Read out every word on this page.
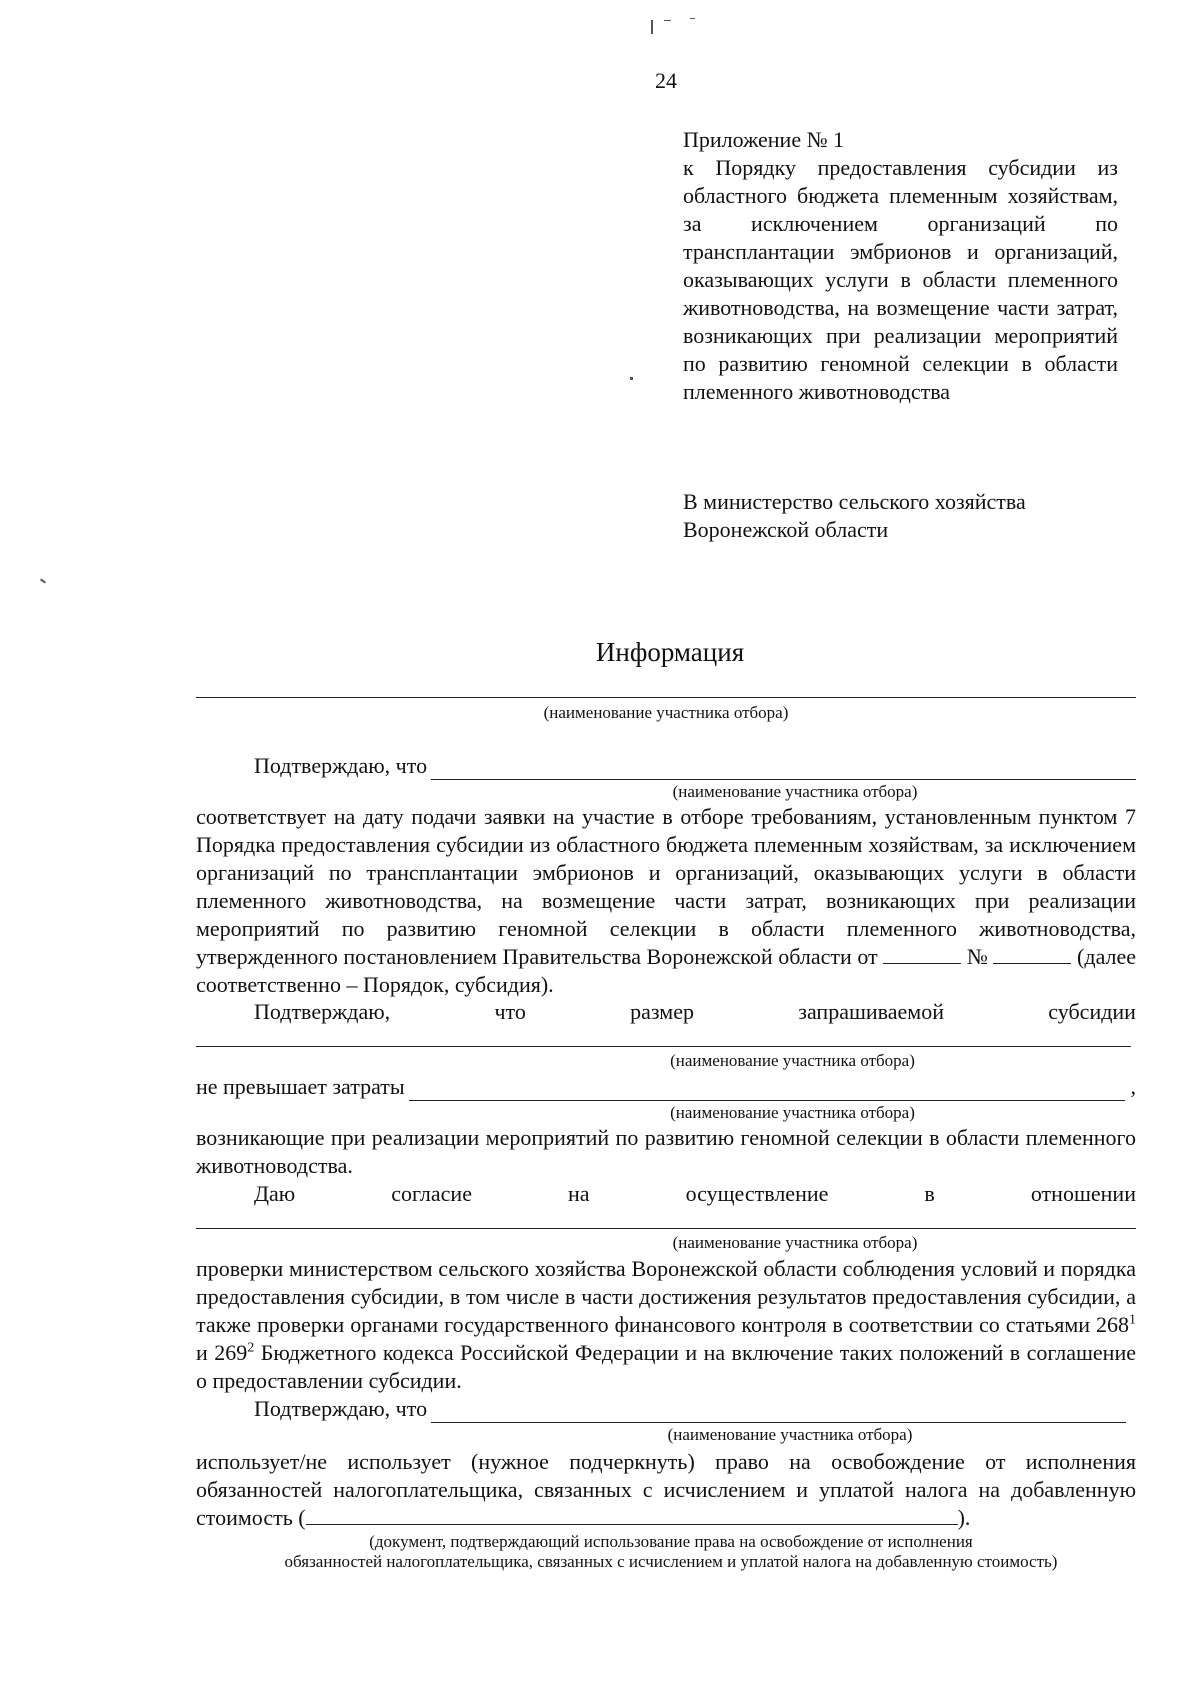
24
Приложение № 1
к Порядку предоставления субсидии из областного бюджета племенным хозяйствам, за исключением организаций по трансплантации эмбрионов и организаций, оказывающих услуги в области племенного животноводства, на возмещение части затрат, возникающих при реализации мероприятий по развитию геномной селекции в области племенного животноводства
В министерство сельского хозяйства
Воронежской области
Информация
(наименование участника отбора)
Подтверждаю, что
(наименование участника отбора)
соответствует на дату подачи заявки на участие в отборе требованиям, установленным пунктом 7 Порядка предоставления субсидии из областного бюджета племенным хозяйствам, за исключением организаций по трансплантации эмбрионов и организаций, оказывающих услуги в области племенного животноводства, на возмещение части затрат, возникающих при реализации мероприятий по развитию геномной селекции в области племенного животноводства, утвержденного постановлением Правительства Воронежской области от	№	(далее соответственно – Порядок, субсидия).
Подтверждаю,	что	размер	запрашиваемой	субсидии
(наименование участника отбора)
не превышает затраты	,
(наименование участника отбора)
возникающие при реализации мероприятий по развитию геномной селекции в области племенного животноводства.
Даю	согласие	на	осуществление	в	отношении
(наименование участника отбора)
проверки министерством сельского хозяйства Воронежской области соблюдения условий и порядка предоставления субсидии, в том числе в части достижения результатов предоставления субсидии, а также проверки органами государственного финансового контроля в соответствии со статьями $268^1$ и $269^2$ Бюджетного кодекса Российской Федерации и на включение таких положений в соглашение о предоставлении субсидии.
Подтверждаю, что
(наименование участника отбора)
использует/не использует (нужное подчеркнуть) право на освобождение от исполнения обязанностей налогоплательщика, связанных с исчислением и уплатой налога на добавленную стоимость (	).
(документ, подтверждающий использование права на освобождение от исполнения
обязанностей налогоплательщика, связанных с исчислением и уплатой налога на добавленную стоимость)
